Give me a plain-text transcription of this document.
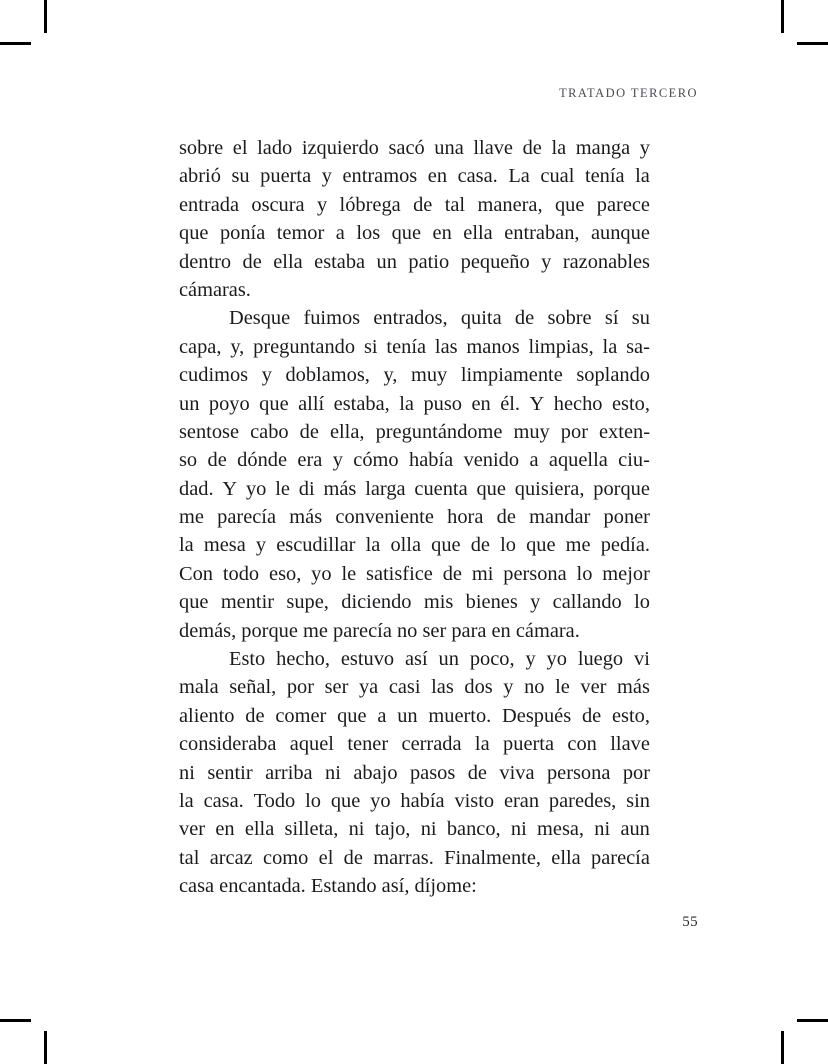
TRATADO TERCERO

sobre el lado izquierdo sacó una llave de la manga y
abrió su puerta y entramos en casa. La cual tenía la
entrada oscura y lóbrega de tal manera, que parece
que ponía temor a los que en ella entraban, aunque
dentro de ella estaba un patio pequeño y razonables
cámaras.

Desque fuimos entrados, quita de sobre sí su
capa, y, preguntando si tenía las manos limpias, la sa-
cudimos y doblamos, y, muy limpiamente soplando
un poyo que allí estaba, la puso en él. Y hecho esto,
sentose cabo de ella, preguntándome muy por exten-
so de dónde era y cómo había venido a aquella ciu-
dad. Y yo le di más larga cuenta que quisiera, porque
me parecía más conveniente hora de mandar poner
la mesa y escudillar la olla que de lo que me pedía.
Con todo eso, yo le satisfice de mi persona lo mejor
que mentir supe, diciendo mis bienes y callando lo
demás, porque me parecía no ser para en cámara.

Esto hecho, estuvo así un poco, y yo luego vi
mala señal, por ser ya casi las dos y no le ver más
aliento de comer que a un muerto. Después de esto,
consideraba aquel tener cerrada la puerta con llave
ni sentir arriba ni abajo pasos de viva persona por
la casa. Todo lo que yo había visto eran paredes, sin
ver en ella silleta, ni tajo, ni banco, ni mesa, ni aun
tal arcaz como el de marras. Finalmente, ella parecía
casa encantada. Estando así, díjome:

55
